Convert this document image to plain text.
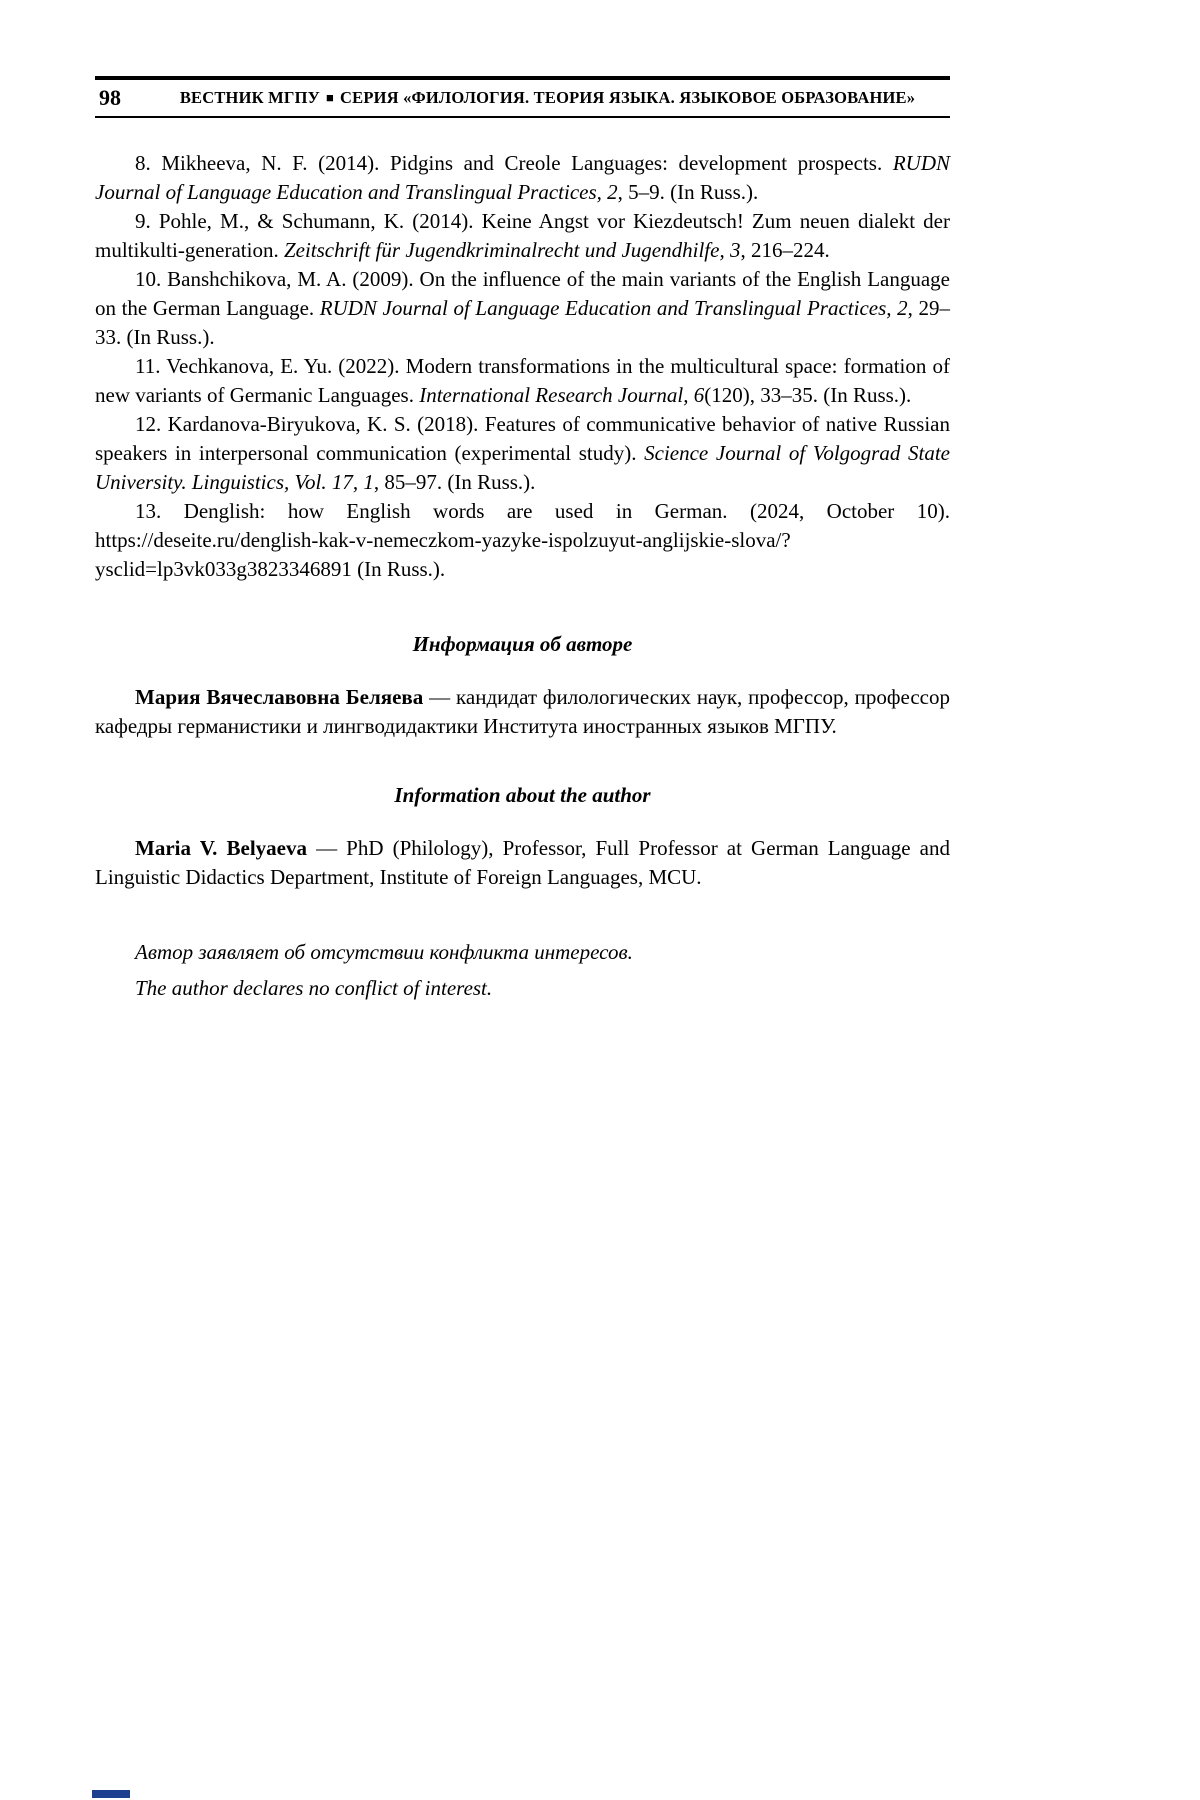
98	ВЕСТНИК МГПУ ■ СЕРИЯ «ФИЛОЛОГИЯ. ТЕОРИЯ ЯЗЫКА. ЯЗЫКОВОЕ ОБРАЗОВАНИЕ»

8. Mikheeva, N. F. (2014). Pidgins and Creole Languages: development prospects. RUDN Journal of Language Education and Translingual Practices, 2, 5–9. (In Russ.).

9. Pohle, M., & Schumann, K. (2014). Keine Angst vor Kiezdeutsch! Zum neuen dialekt der multikulti-generation. Zeitschrift für Jugendkriminalrecht und Jugendhilfe, 3, 216–224.

10. Banshchikova, M. A. (2009). On the influence of the main variants of the English Language on the German Language. RUDN Journal of Language Education and Translingual Practices, 2, 29–33. (In Russ.).

11. Vechkanova, E. Yu. (2022). Modern transformations in the multicultural space: formation of new variants of Germanic Languages. International Research Journal, 6(120), 33–35. (In Russ.).

12. Kardanova-Biryukova, K. S. (2018). Features of communicative behavior of native Russian speakers in interpersonal communication (experimental study). Science Journal of Volgograd State University. Linguistics, Vol. 17, 1, 85–97. (In Russ.).

13. Denglish: how English words are used in German. (2024, October 10). https://deseite.ru/denglish-kak-v-nemeczkom-yazyke-ispolzuyut-anglijskie-slova/?ysclid=lp3vk033g3823346891 (In Russ.).

Информация об авторе

Мария Вячеславовна Беляева — кандидат филологических наук, профессор, профессор кафедры германистики и лингводидактики Института иностранных языков МГПУ.

Information about the author

Maria V. Belyaeva — PhD (Philology), Professor, Full Professor at German Language and Linguistic Didactics Department, Institute of Foreign Languages, MCU.

Автор заявляет об отсутствии конфликта интересов.

The author declares no conflict of interest.
